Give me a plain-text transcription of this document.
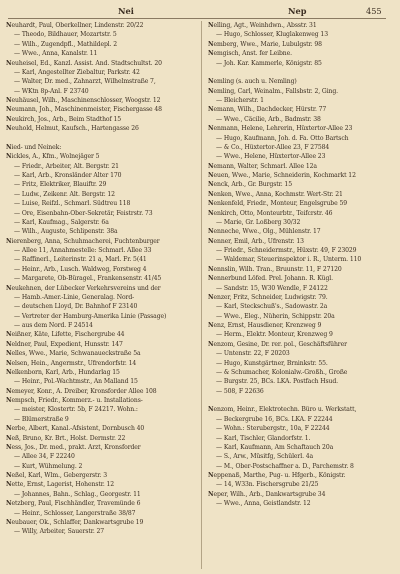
Nei	Nep	455
Neuhardt, Paul, Oberkellner, Lindenstr. 20/22
— Theodo, Bildhauer, Mozartstr. 5
— Wilh., Zugendpfl., Mathildepl. 2
— Wwe., Anna, Kanalstr. 11
Neuheisel, Ed., Kanzl. Assist. And. Stadtschultst. 20
— Karl, Angestellter Ziebaltur, Parkstr. 42
— Walter, Dr. med., Zahnarzt, Wilhelmstraße 7,
— WKtn 8p-Anl. F 23740
Neuhäusel, Wilh., Maschinenschlosser, Woogstr. 12
Neumann, Joh., Maschinenmeister, Fischergasse 48
Neukirch, Jos., Arb., Beim Stadthof 15
Neuhold, Helmut, Kaufsch., Hartengasse 26

Nied- und Neinek:
Nickles, A., Kfm., Wolnejäger 5
— Friedr., Arbeiter, Alt. Bergstr. 21
— Karl, Arb., Kronsländer Alter 170
— Fritz, Elektriker, Blauiftr. 29
— Ludw., Zeikenr. Alt. Bergstr. 12
— Luise, Reifzl., Schmarl. Südtreu 118
— Ore, Eisenbahn-Ober-Sekretär, Feistrstr. 73
— Karl, Kaufmag., Salgerstr. 6a
— Wilh., Auguste, Schlipenstr. 38a
Nierenberg, Anna, Schuhmacherei, Fuchtenburger
— Allee 11, Annahmestelle: Schmarl. Allee 33
— Raffinerl., Leiterinstr. 21 a, Marl. Fr. 5(41
— Heinr., Arb., Lusch. Waldweg, Forstweg 4
— Margarete, Ob-Büragel., Frankensenstr. 41/45
Neukehnen, der Lübecker Verkehrsvereins und der
— Hamb.-Amer.-Linie, Generalag. Nord-
— deutschen Lloyd, Dr. Bahnhof F 23140
— Vertreter der Hamburg-Amerika Linie (Passage)
— aus dem Nord. F 24514
Neißner, Käte, Lifette, Fischergrube 44
Neldner, Paul, Expedient, Hunsstr. 147
Nelles, Wwe., Marie, Schwanaueckstraße 5a
Nelsen, Hein., Angermstr., Ufrendorfstr. 14
Nelkenborn, Karl, Arb., Hundarlag 15
— Heinr., Pol.-Wachtmstr., An Malland 15
Nemeyer, Konr., A. Dreiber, Kronsforder Allee 108
Nempsch, Friedr., Kommerz.- u. Installations-
— meister, Klostertr. 5b, F 24217. Wohn.:
— Blümerstraße 9
Nerbe, Albert, Kanal.-Afsistent, Dornbusch 40
Neß, Bruno, Kr. Brt., Holst. Dermstr. 22
Ness, Jos., Dr. med., prakt. Arzt, Kronsforder
— Allee 34, F 22240
— Kurt, Wühmelung. 2
Neßel, Karl, Wlm., Gebergerstr. 3
Nette, Ernst, Lagerist, Hohenstr. 12
— Johannes, Bahn., Schlag., Georgestr. 11
Netzberg, Paul, Fischhändler, Travemünde 6
— Heinr., Schlosser, Langerstraße 38/87
Neubauer, Ok., Schlaffer, Dankwartsgrube 19
— Willy, Arbeiter, Sauerstr. 27
Nelling, Agt., Weinhdwn., Absstr. 31
— Hugo, Schlosser, Kluglakenweg 13
Nemberg, Wwe., Marie, Lubulgstr. 98
Nemgisch, Anst. fer Leibne.
— Joh. Kar. Kammerle, Königstr. 85

Nemling (s. auch u. Nemling)
Nemling, Carl, Weinalm., Fallsbstr. 2, Ging.
— Bleicherstr. 1
Nemann, Wilh., Dachdecker, Hürstr. 77
— Wwe., Cäcilie, Arb., Badmstr. 38
Nenmann, Helene, Lehrerin, Hüxtertor-Allee 23
— Hugo, Kaufmann, Joh. d. Fa. Otto Bartsch
— & Co., Hüxtertor-Allee 23, F 27584
— Wwe., Helene, Hüxtertor-Allee 23
Nemann, Walter, Schmarl. Allee 12a
Neuen, Wwe., Marie, Schneiderin, Kochmarkt 12
Nenck, Arb., Gr. Burgstr. 15
Nenken, Wwe., Anna, Kochmstr. Wert-Str. 21
Nenkenfeld, Friedr., Monteur, Engelsgrube 59
Nenkirch, Otto, Monteurbtr., Teifcrstr. 46
— Marie, Gr. Loßberg 30/32
Nenneche, Wwe., Olg., Mühlenstr. 17
Nenner, Emil, Arb., Ufrenstr. 13
— Friedr., Schneidermstr., Hüxstr. 49, F 23029
— Waldemar, Steuerinspektor i. R., Unterm. 110
Nennslin, Wilh. Tran., Bruunstr. 11, F 27120
Nennerbund Löfed. Prel. Johann. R. Kügl.
— Sandstr. 15, W30 Wendle, F 24122
Nenzer, Fritz, Schneider, Ludwigstr. 79.
— Karl, Steckschuß's., Sadowastr. 2a
— Wwe., Eleg., Nüherin, Schippstr. 20a
Nenz, Ernst, Hausdiener, Krenzweg 9
— Herm., Elektr. Monteur, Krenzweg 9
Nenzom, Gesine, Dr. rer. pol., Geschäftsführer
— Untenstr. 22, F 20203
— Hugo, Kunstgärtner, Brninkstr. 55.
— & Schumacher, Kolonialw.-Großh., Große
— Burgstr. 25, BCs. LKA. Postfach Hsud.
— 508, F 22636

Nenzom, Heinr., Elektrotechn. Büro u. Werkstatt,
— Beckergrube 16, BCs. LKA. F 22244
— Wohn.: Sterubergstr., 10a, F 22244
— Karl, Tischler, Glandorfstr. 1.
— Karl, Kaufmann, Am Schaftauch 20a
— S., Arw., Müsitfg, Schülerl. 4a
— M., Ober-Postschaffner a. D., Parchemstr. 8
Neppenaß, Marthe, Pug- u. Hfgerb., Königstr.
— 14, W33n. Fischersgrube 21/25
Neper, Wilh., Arb., Dankwartsgrube 34
— Wwe., Anna, Geistlandstr. 12
